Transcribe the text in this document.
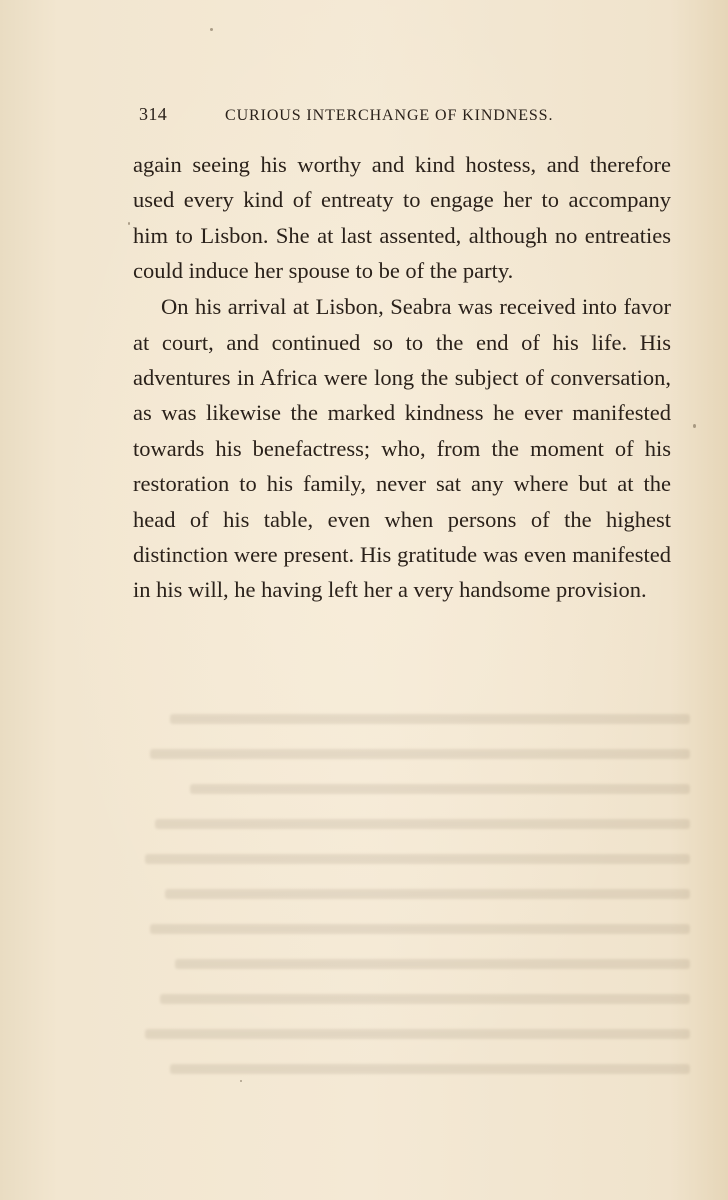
314	CURIOUS INTERCHANGE OF KINDNESS.

again seeing his worthy and kind hostess, and therefore used every kind of entreaty to engage her to accompany him to Lisbon. She at last assented, although no entreaties could induce her spouse to be of the party.

On his arrival at Lisbon, Seabra was received into favor at court, and continued so to the end of his life. His adventures in Africa were long the subject of conversation, as was likewise the marked kindness he ever manifested towards his benefactress; who, from the moment of his restoration to his family, never sat any where but at the head of his table, even when persons of the highest distinction were present. His gratitude was even manifested in his will, he having left her a very handsome provision.
